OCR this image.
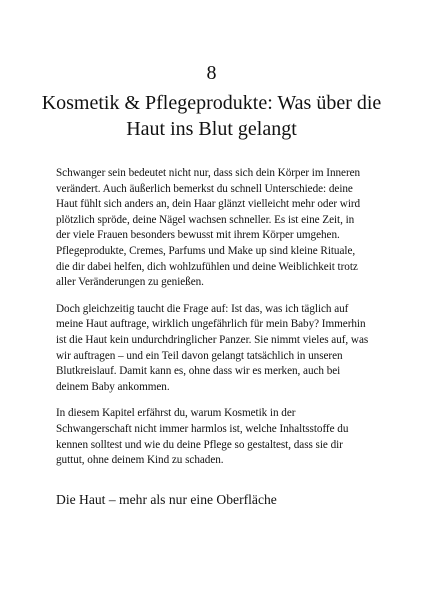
8
Kosmetik & Pflegeprodukte: Was über die Haut ins Blut gelangt

Schwanger sein bedeutet nicht nur, dass sich dein Körper im Inneren verändert. Auch äußerlich bemerkst du schnell Unterschiede: deine Haut fühlt sich anders an, dein Haar glänzt vielleicht mehr oder wird plötzlich spröde, deine Nägel wachsen schneller. Es ist eine Zeit, in der viele Frauen besonders bewusst mit ihrem Körper umgehen. Pflegeprodukte, Cremes, Parfums und Make up sind kleine Rituale, die dir dabei helfen, dich wohlzufühlen und deine Weiblichkeit trotz aller Veränderungen zu genießen.

Doch gleichzeitig taucht die Frage auf: Ist das, was ich täglich auf meine Haut auftrage, wirklich ungefährlich für mein Baby? Immerhin ist die Haut kein undurchdringlicher Panzer. Sie nimmt vieles auf, was wir auftragen – und ein Teil davon gelangt tatsächlich in unseren Blutkreislauf. Damit kann es, ohne dass wir es merken, auch bei deinem Baby ankommen.

In diesem Kapitel erfährst du, warum Kosmetik in der Schwangerschaft nicht immer harmlos ist, welche Inhaltsstoffe du kennen solltest und wie du deine Pflege so gestaltest, dass sie dir guttut, ohne deinem Kind zu schaden.

Die Haut – mehr als nur eine Oberfläche
